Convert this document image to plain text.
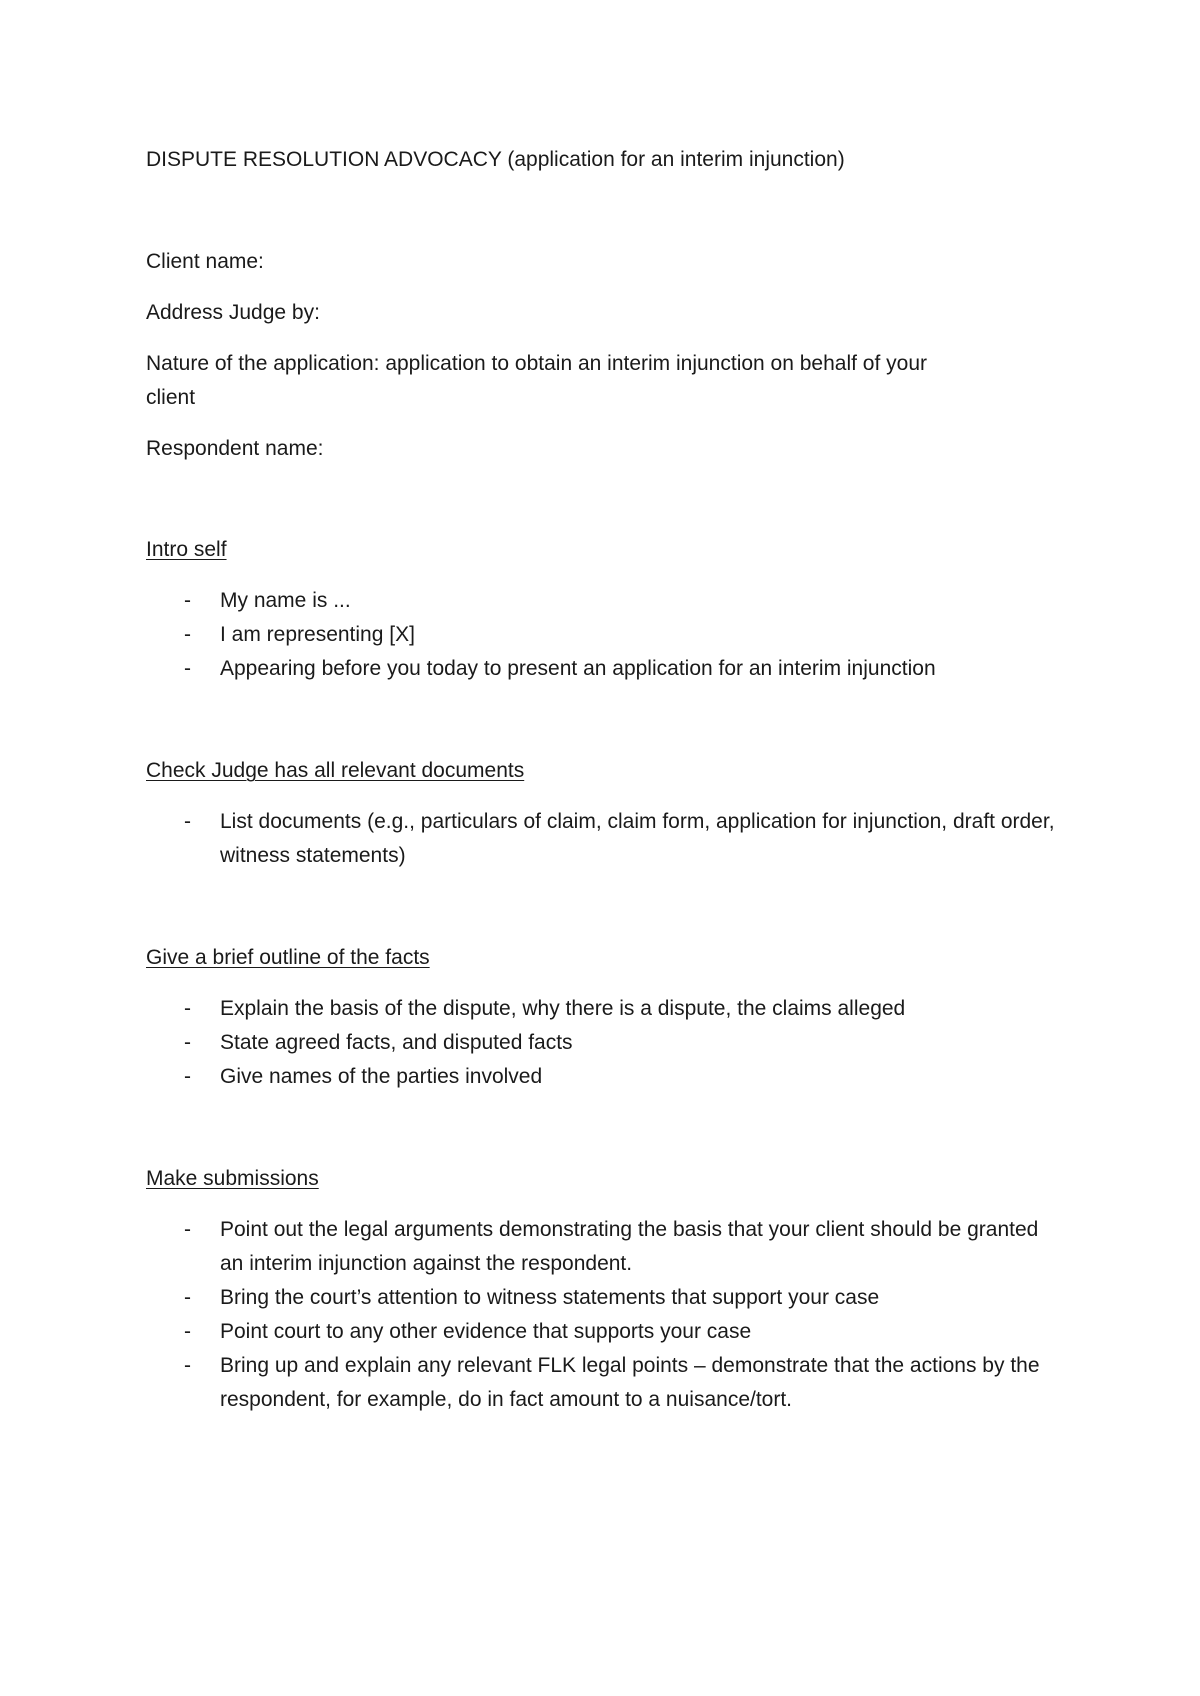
DISPUTE RESOLUTION ADVOCACY (application for an interim injunction)
Client name:
Address Judge by:
Nature of the application: application to obtain an interim injunction on behalf of your
client
Respondent name:
Intro self
- My name is ...
- I am representing [X]
- Appearing before you today to present an application for an interim injunction
Check Judge has all relevant documents
- List documents (e.g., particulars of claim, claim form, application for injunction, draft order, witness statements)
Give a brief outline of the facts
- Explain the basis of the dispute, why there is a dispute, the claims alleged
- State agreed facts, and disputed facts
- Give names of the parties involved
Make submissions
- Point out the legal arguments demonstrating the basis that your client should be granted an interim injunction against the respondent.
- Bring the court’s attention to witness statements that support your case
- Point court to any other evidence that supports your case
- Bring up and explain any relevant FLK legal points – demonstrate that the actions by the respondent, for example, do in fact amount to a nuisance/tort.
